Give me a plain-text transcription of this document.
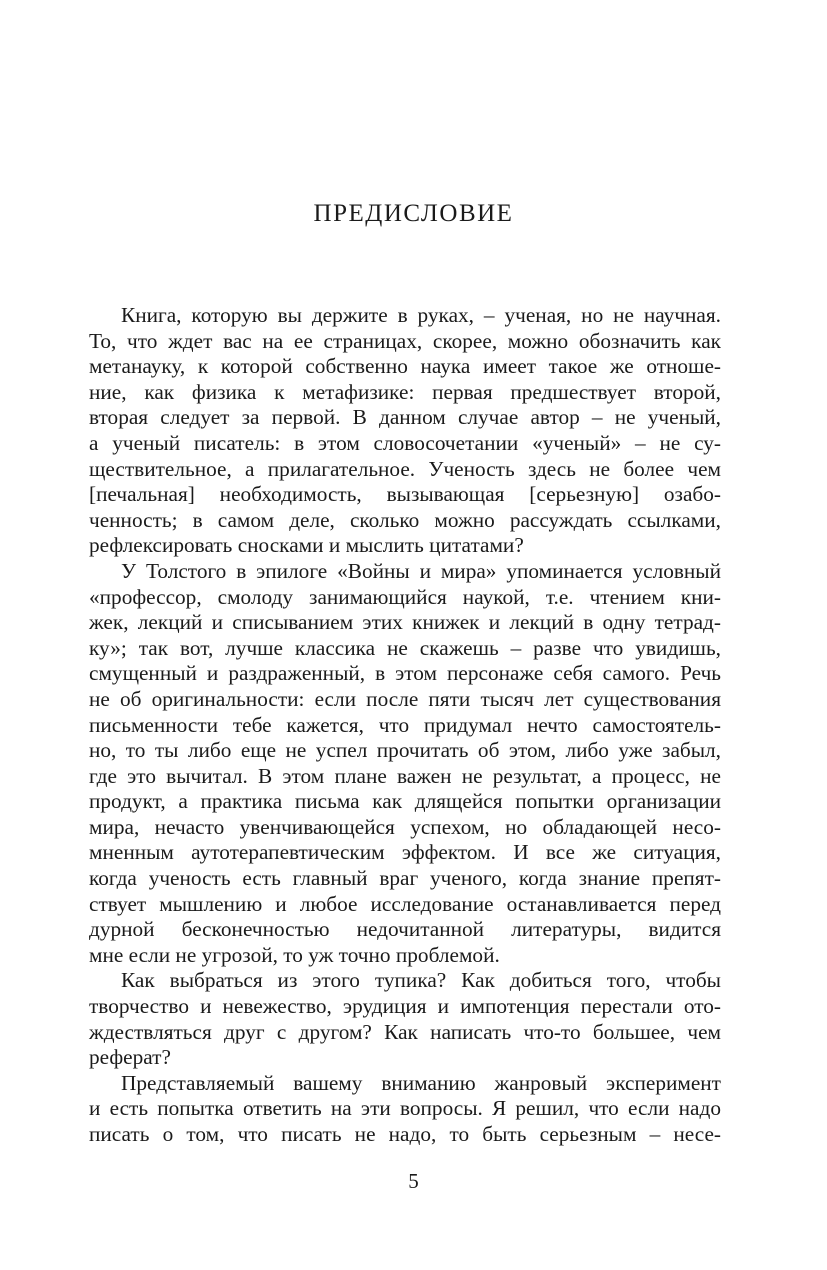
ПРЕДИСЛОВИЕ

Книга, которую вы держите в руках, – ученая, но не научная.
То, что ждет вас на ее страницах, скорее, можно обозначить как
метанауку, к которой собственно наука имеет такое же отноше-
ние, как физика к метафизике: первая предшествует второй,
вторая следует за первой. В данном случае автор – не ученый,
а ученый писатель: в этом словосочетании «ученый» – не су-
ществительное, а прилагательное. Ученость здесь не более чем
[печальная] необходимость, вызывающая [серьезную] озабо-
ченность; в самом деле, сколько можно рассуждать ссылками,
рефлексировать сносками и мыслить цитатами?

У Толстого в эпилоге «Войны и мира» упоминается условный
«профессор, смолоду занимающийся наукой, т.е. чтением кни-
жек, лекций и списыванием этих книжек и лекций в одну тетрад-
ку»; так вот, лучше классика не скажешь – разве что увидишь,
смущенный и раздраженный, в этом персонаже себя самого. Речь
не об оригинальности: если после пяти тысяч лет существования
письменности тебе кажется, что придумал нечто самостоятель-
но, то ты либо еще не успел прочитать об этом, либо уже забыл,
где это вычитал. В этом плане важен не результат, а процесс, не
продукт, а практика письма как длящейся попытки организации
мира, нечасто увенчивающейся успехом, но обладающей несо-
мненным аутотерапевтическим эффектом. И все же ситуация,
когда ученость есть главный враг ученого, когда знание препят-
ствует мышлению и любое исследование останавливается перед
дурной бесконечностью недочитанной литературы, видится
мне если не угрозой, то уж точно проблемой.

Как выбраться из этого тупика? Как добиться того, чтобы
творчество и невежество, эрудиция и импотенция перестали ото-
ждествляться друг с другом? Как написать что-то большее, чем
реферат?

Представляемый вашему вниманию жанровый эксперимент
и есть попытка ответить на эти вопросы. Я решил, что если надо
писать о том, что писать не надо, то быть серьезным – несе-

5
